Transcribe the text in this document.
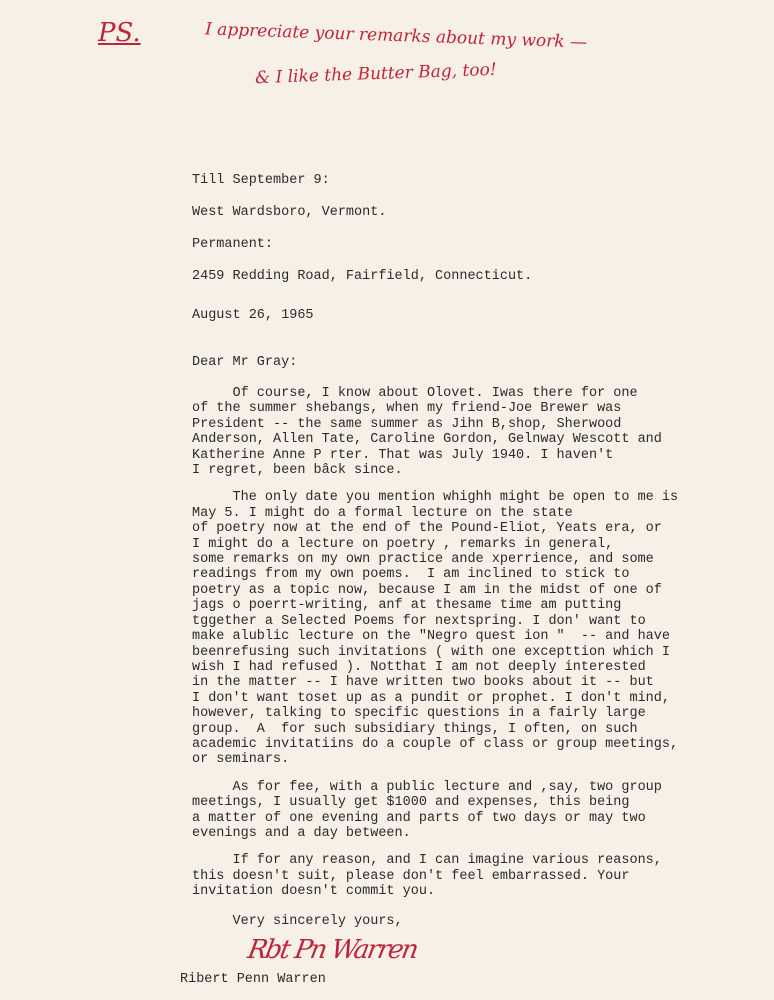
PS.	I appreciate your remarks about my work —
& I like the Butter Bag, too!
Till September 9:
West Wardsboro, Vermont.
Permanent:
2459 Redding Road, Fairfield, Connecticut.
August 26, 1965
Dear Mr Gray:
Of course, I know about Olovet. Iwas there for one
of the summer shebangs, when my friend-Joe Brewer was
President -- the same summer as Jihn B,shop, Sherwood
Anderson, Allen Tate, Caroline Gordon, Gelnway Wescott and
Katherine Anne P rter. That was July 1940. I haven't
I regret, been bâck since.
The only date you mention whighh might be open to me is
May 5. I might do a formal lecture on the state
of poetry now at the end of the Pound-Eliot, Yeats era, or
I might do a lecture on poetry , remarks in general,
some remarks on my own practice ande xperrience, and some
readings from my own poems.  I am inclined to stick to
poetry as a topic now, because I am in the midst of one of
jags o poerrt-writing, anf at thesame time am putting
tggether a Selected Poems for nextspring. I don' want to
make alublic lecture on the "Negro quest ion "  -- and have
beenrefusing such invitations ( with one excepttion which I
wish I had refused ). Notthat I am not deeply interested
in the matter -- I have written two books about it -- but
I don't want toset up as a pundit or prophet. I don't mind,
however, talking to specific questions in a fairly large
group.  A  for such subsidiary things, I often, on such
academic invitatiins do a couple of class or group meetings,
or seminars.
As for fee, with a public lecture and ,say, two group
meetings, I usually get $1000 and expenses, this being
a matter of one evening and parts of two days or may two
evenings and a day between.
If for any reason, and I can imagine various reasons,
this doesn't suit, please don't feel embarrassed. Your
invitation doesn't commit you.
Very sincerely yours,
Rbt Pn Warren
Ribert Penn Warren
